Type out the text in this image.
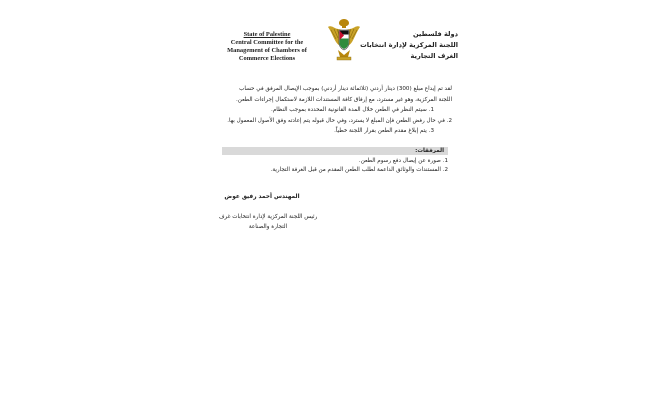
State of Palestine
Central Committee for the
Management of Chambers of
Commerce Elections
دولة فلسطين
اللجنة المركزية لإدارة انتخابات
الغرف التجارية
لقد تم إيداع مبلغ (300) دينار أردني (ثلاثمائة دينار أردني) بموجب الإيصال المرفق في حساب
اللجنة المركزية، وهو غير مسترد، مع إرفاق كافة المستندات اللازمة لاستكمال إجراءات الطعن.
1. سيتم النظر في الطعن خلال المدة القانونية المحددة بموجب النظام.
2. في حال رفض الطعن فإن المبلغ لا يسترد، وفي حال قبوله يتم إعادته وفق الأصول المعمول بها.
3. يتم إبلاغ مقدم الطعن بقرار اللجنة خطياً.
المرفقات:
1. صورة عن إيصال دفع رسوم الطعن.
2. المستندات والوثائق الداعمة لطلب الطعن المقدم من قبل الغرفة التجارية.
المهندس أحمد رفيق عوض
رئيس اللجنة المركزية لإدارة انتخابات غرف
التجارة والصناعة
